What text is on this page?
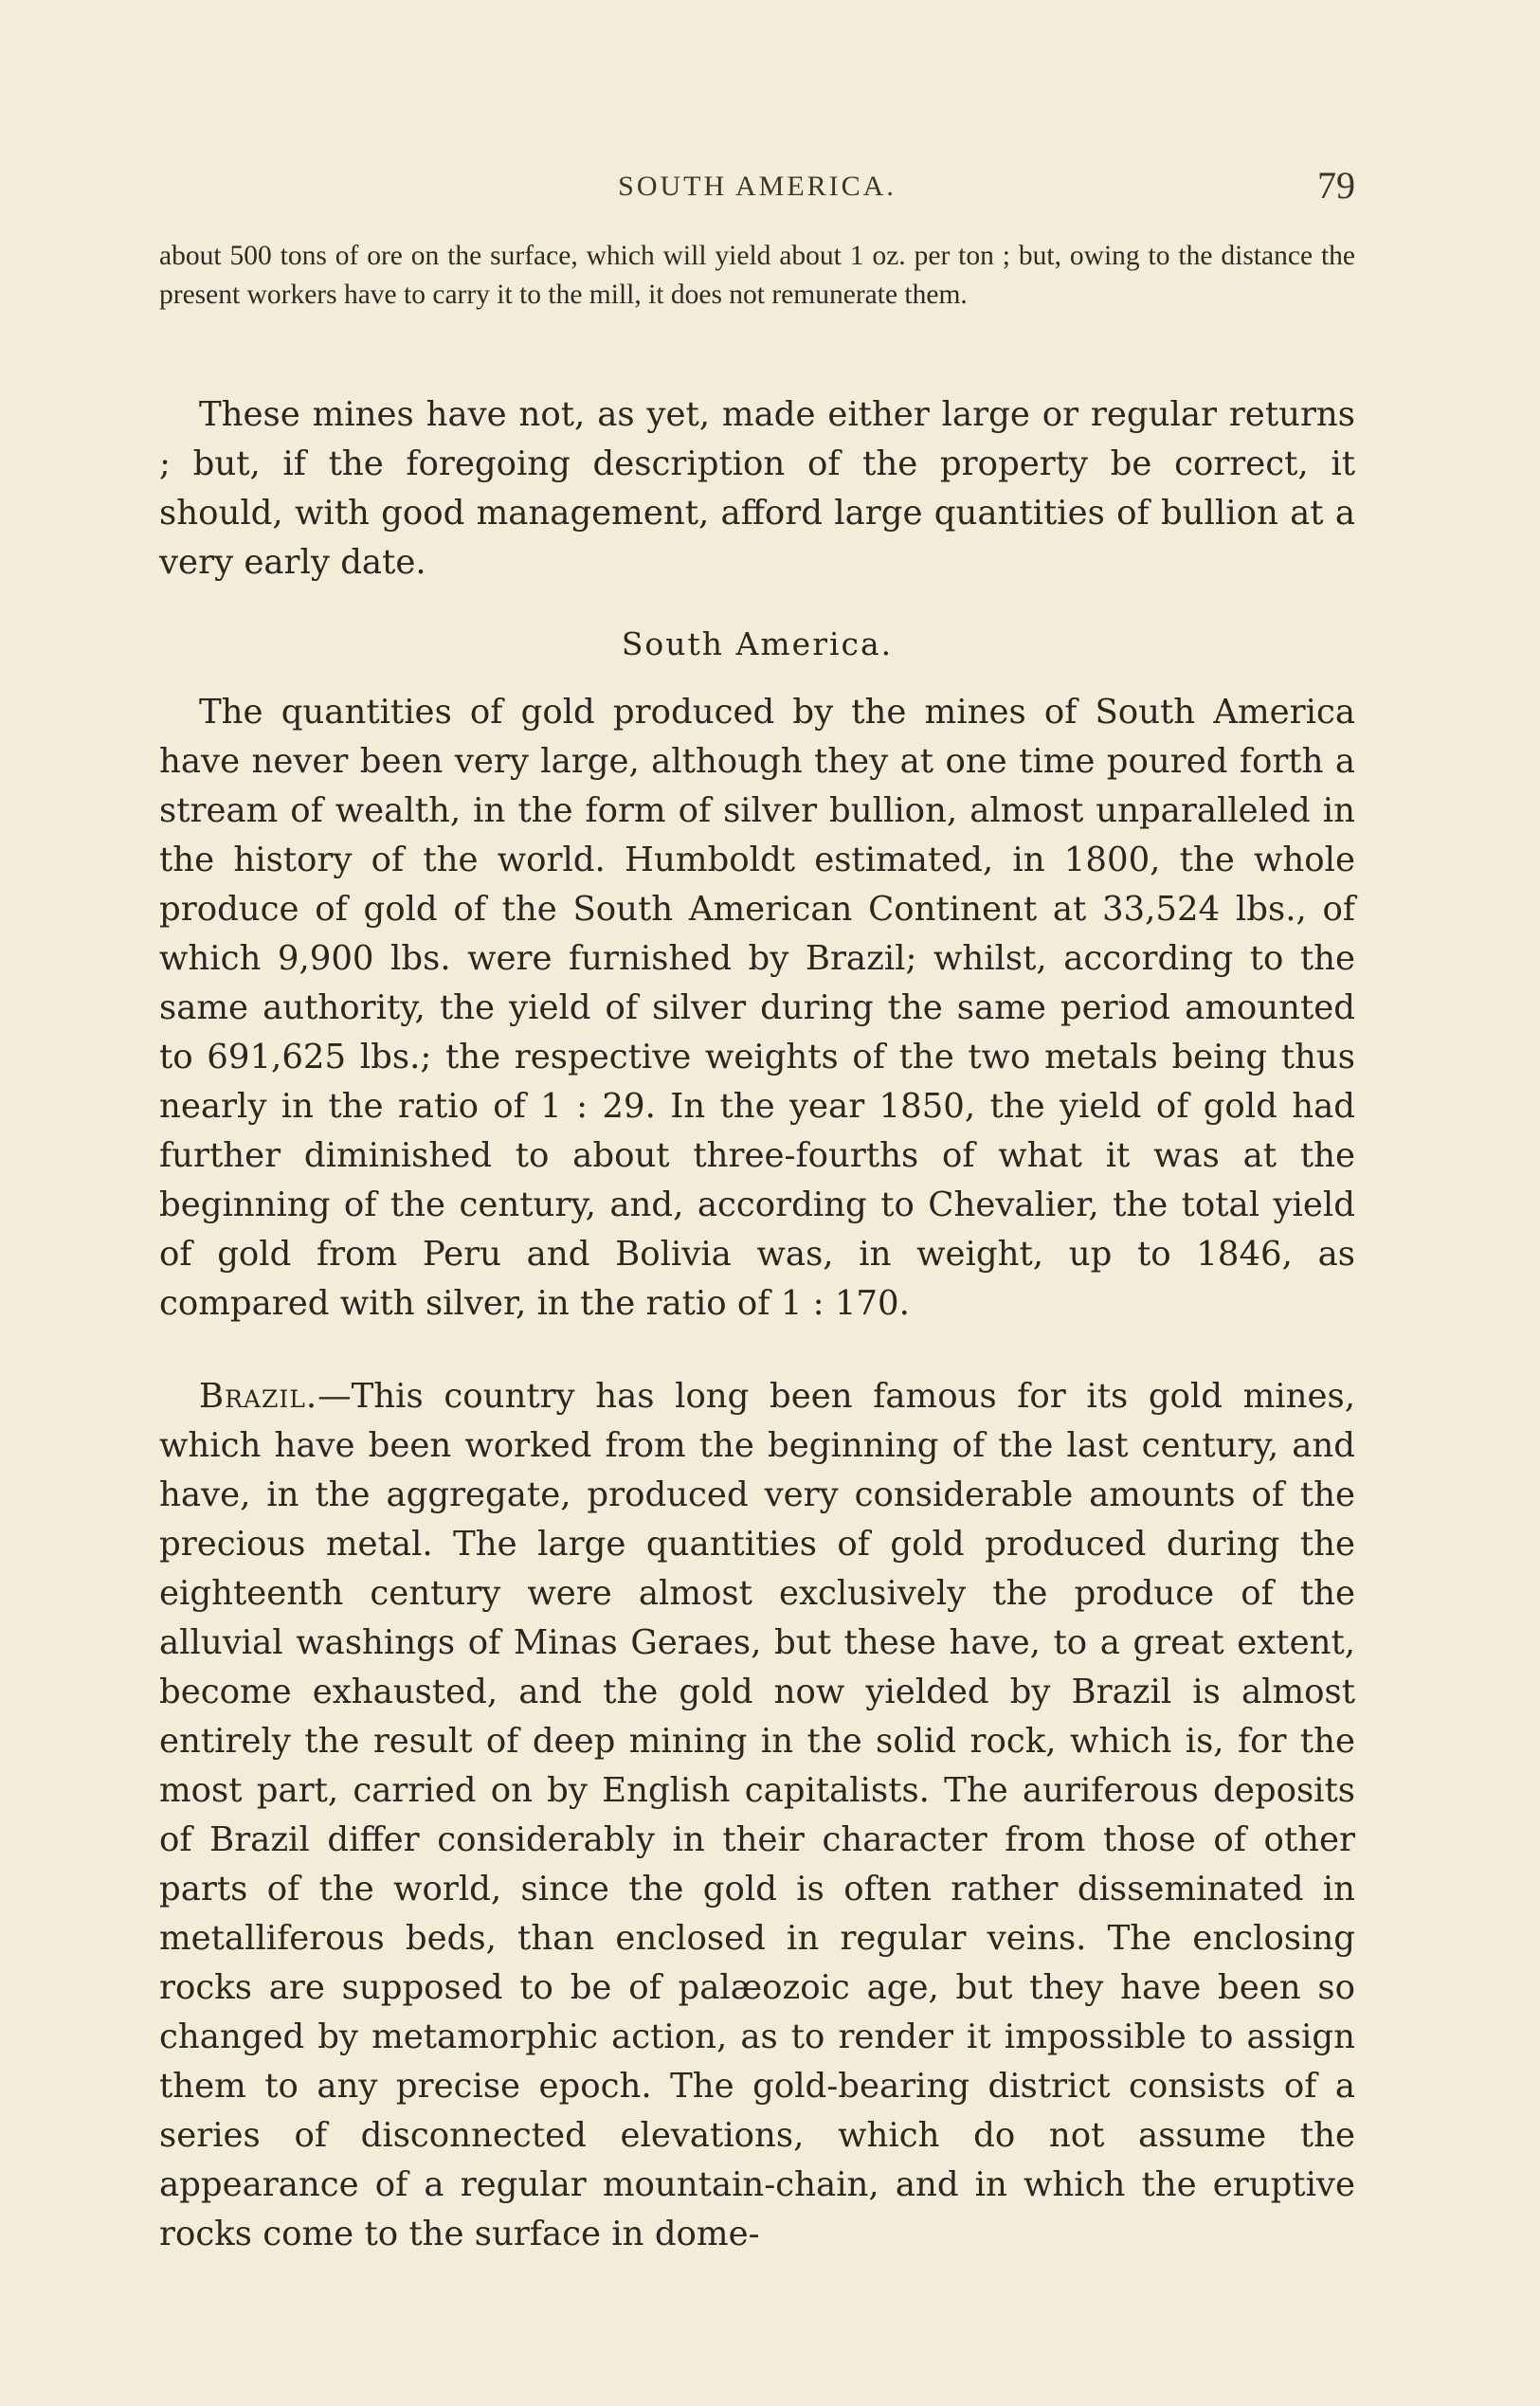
SOUTH AMERICA.	79

about 500 tons of ore on the surface, which will yield about 1 oz. per ton ; but, owing to the distance the present workers have to carry it to the mill, it does not remunerate them.

These mines have not, as yet, made either large or regular returns ; but, if the foregoing description of the property be correct, it should, with good management, afford large quantities of bullion at a very early date.

South America.

The quantities of gold produced by the mines of South America have never been very large, although they at one time poured forth a stream of wealth, in the form of silver bullion, almost unparalleled in the history of the world. Humboldt estimated, in 1800, the whole produce of gold of the South American Continent at 33,524 lbs., of which 9,900 lbs. were furnished by Brazil; whilst, according to the same authority, the yield of silver during the same period amounted to 691,625 lbs.; the respective weights of the two metals being thus nearly in the ratio of 1 : 29. In the year 1850, the yield of gold had further diminished to about three-fourths of what it was at the beginning of the century, and, according to Chevalier, the total yield of gold from Peru and Bolivia was, in weight, up to 1846, as compared with silver, in the ratio of 1 : 170.

Brazil.—This country has long been famous for its gold mines, which have been worked from the beginning of the last century, and have, in the aggregate, produced very considerable amounts of the precious metal. The large quantities of gold produced during the eighteenth century were almost exclusively the produce of the alluvial washings of Minas Geraes, but these have, to a great extent, become exhausted, and the gold now yielded by Brazil is almost entirely the result of deep mining in the solid rock, which is, for the most part, carried on by English capitalists. The auriferous deposits of Brazil differ considerably in their character from those of other parts of the world, since the gold is often rather disseminated in metalliferous beds, than enclosed in regular veins. The enclosing rocks are supposed to be of palæozoic age, but they have been so changed by metamorphic action, as to render it impossible to assign them to any precise epoch. The gold-bearing district consists of a series of disconnected elevations, which do not assume the appearance of a regular mountain-chain, and in which the eruptive rocks come to the surface in dome-
